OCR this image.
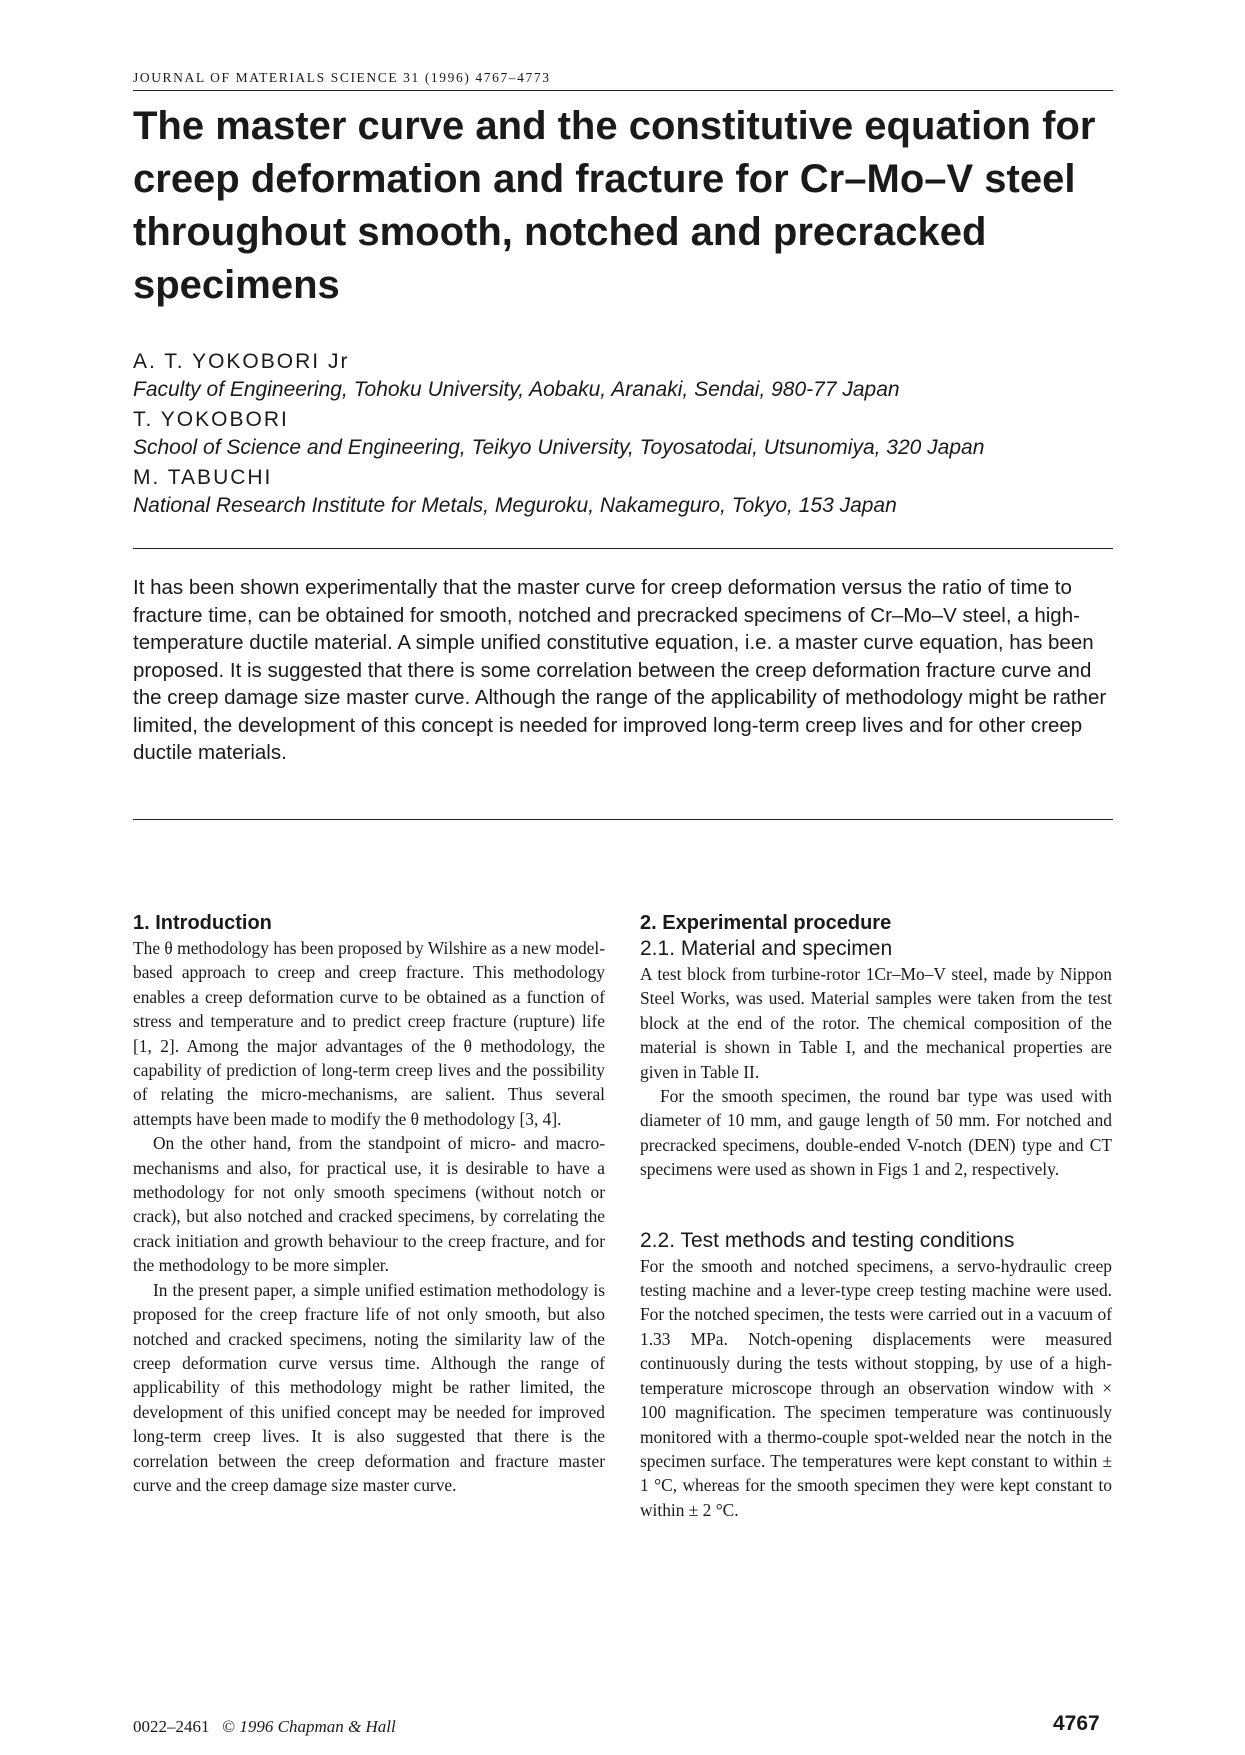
JOURNAL OF MATERIALS SCIENCE 31 (1996) 4767–4773
The master curve and the constitutive equation for creep deformation and fracture for Cr–Mo–V steel throughout smooth, notched and precracked specimens
A. T. YOKOBORI Jr
Faculty of Engineering, Tohoku University, Aobaku, Aranaki, Sendai, 980-77 Japan
T. YOKOBORI
School of Science and Engineering, Teikyo University, Toyosatodai, Utsunomiya, 320 Japan
M. TABUCHI
National Research Institute for Metals, Meguroku, Nakameguro, Tokyo, 153 Japan
It has been shown experimentally that the master curve for creep deformation versus the ratio of time to fracture time, can be obtained for smooth, notched and precracked specimens of Cr–Mo–V steel, a high-temperature ductile material. A simple unified constitutive equation, i.e. a master curve equation, has been proposed. It is suggested that there is some correlation between the creep deformation fracture curve and the creep damage size master curve. Although the range of the applicability of methodology might be rather limited, the development of this concept is needed for improved long-term creep lives and for other creep ductile materials.
1. Introduction

The θ methodology has been proposed by Wilshire as a new model-based approach to creep and creep fracture. This methodology enables a creep deformation curve to be obtained as a function of stress and temperature and to predict creep fracture (rupture) life [1, 2]. Among the major advantages of the θ methodology, the capability of prediction of long-term creep lives and the possibility of relating the micro-mechanisms, are salient. Thus several attempts have been made to modify the θ methodology [3, 4].

On the other hand, from the standpoint of micro- and macro-mechanisms and also, for practical use, it is desirable to have a methodology for not only smooth specimens (without notch or crack), but also notched and cracked specimens, by correlating the crack initiation and growth behaviour to the creep fracture, and for the methodology to be more simpler.

In the present paper, a simple unified estimation methodology is proposed for the creep fracture life of not only smooth, but also notched and cracked specimens, noting the similarity law of the creep deformation curve versus time. Although the range of applicability of this methodology might be rather limited, the development of this unified concept may be needed for improved long-term creep lives. It is also suggested that there is the correlation between the creep deformation and fracture master curve and the creep damage size master curve.

2. Experimental procedure
2.1. Material and specimen

A test block from turbine-rotor 1Cr–Mo–V steel, made by Nippon Steel Works, was used. Material samples were taken from the test block at the end of the rotor. The chemical composition of the material is shown in Table I, and the mechanical properties are given in Table II.

For the smooth specimen, the round bar type was used with diameter of 10 mm, and gauge length of 50 mm. For notched and precracked specimens, double-ended V-notch (DEN) type and CT specimens were used as shown in Figs 1 and 2, respectively.

2.2. Test methods and testing conditions

For the smooth and notched specimens, a servo-hydraulic creep testing machine and a lever-type creep testing machine were used. For the notched specimen, the tests were carried out in a vacuum of 1.33 MPa. Notch-opening displacements were measured continuously during the tests without stopping, by use of a high-temperature microscope through an observation window with × 100 magnification. The specimen temperature was continuously monitored with a thermo-couple spot-welded near the notch in the specimen surface. The temperatures were kept constant to within ± 1 °C, whereas for the smooth specimen they were kept constant to within ± 2 °C.

0022–2461 © 1996 Chapman & Hall	4767
